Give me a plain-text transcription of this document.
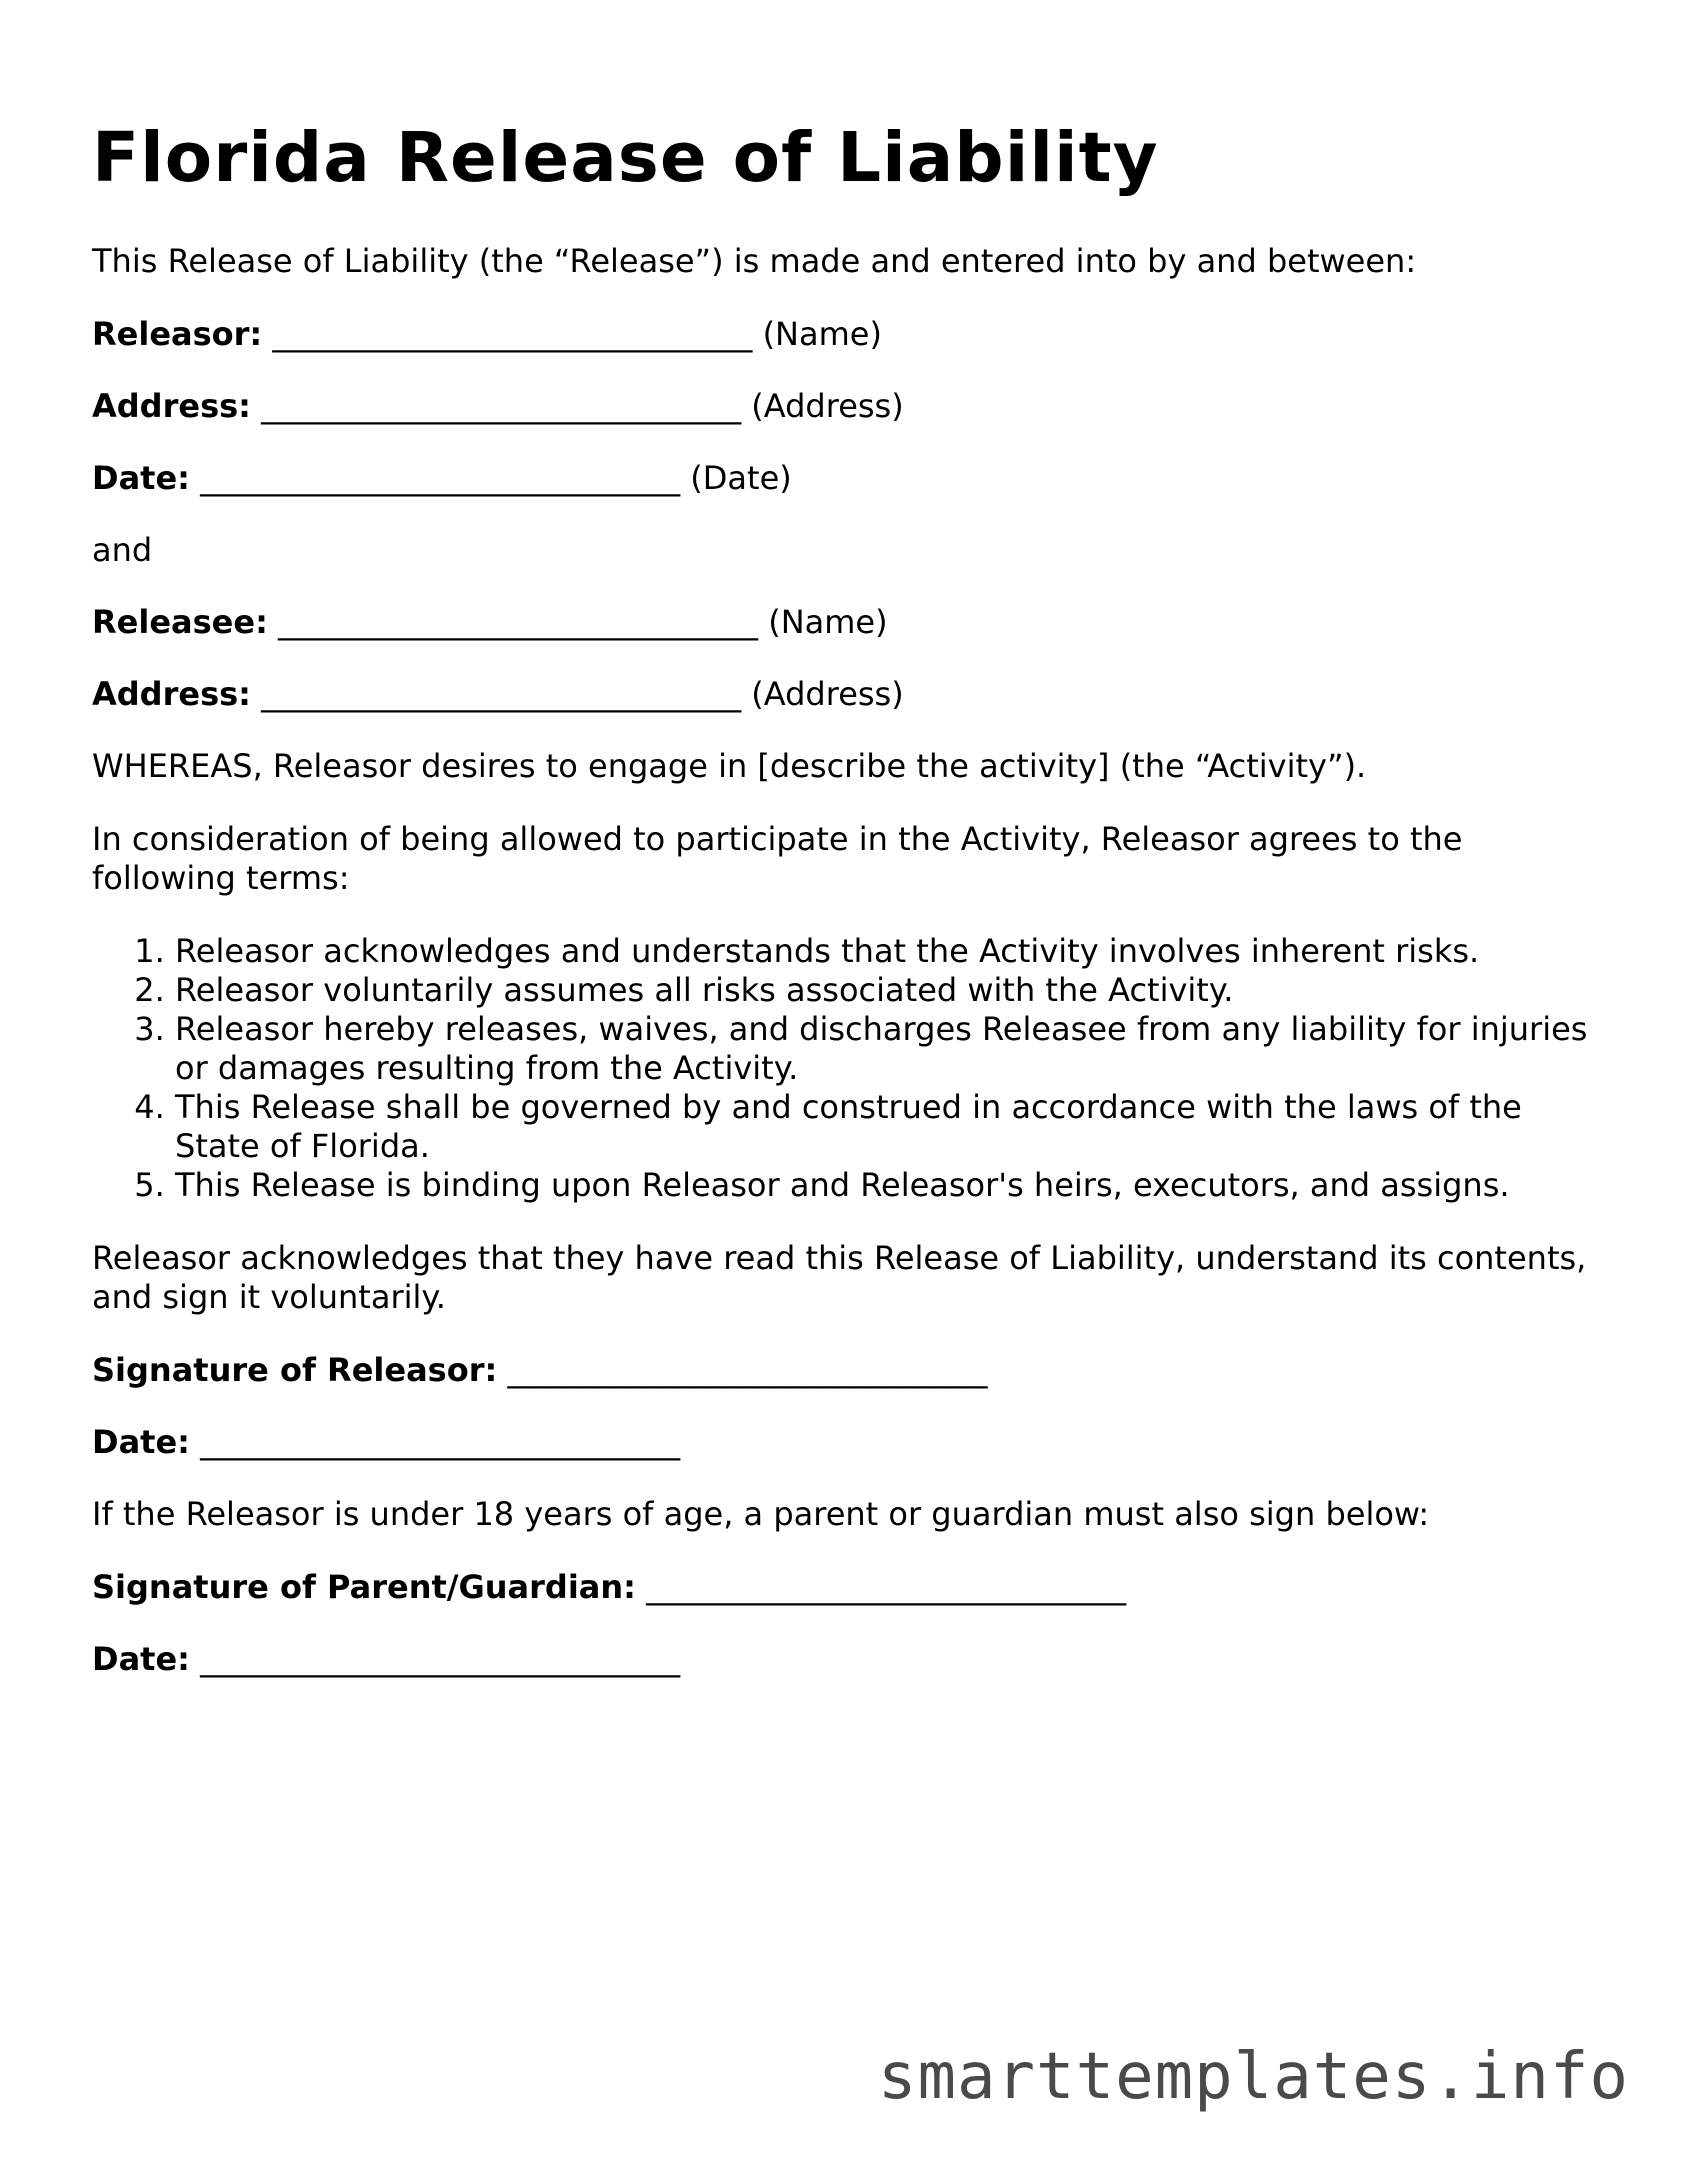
Florida Release of Liability

This Release of Liability (the “Release”) is made and entered into by and between:

Releasor: ______________________________ (Name)

Address: ______________________________ (Address)

Date: ______________________________ (Date)

and

Releasee: ______________________________ (Name)

Address: ______________________________ (Address)

WHEREAS, Releasor desires to engage in [describe the activity] (the “Activity”).

In consideration of being allowed to participate in the Activity, Releasor agrees to the following terms:

1. Releasor acknowledges and understands that the Activity involves inherent risks.
2. Releasor voluntarily assumes all risks associated with the Activity.
3. Releasor hereby releases, waives, and discharges Releasee from any liability for injuries or damages resulting from the Activity.
4. This Release shall be governed by and construed in accordance with the laws of the State of Florida.
5. This Release is binding upon Releasor and Releasor's heirs, executors, and assigns.

Releasor acknowledges that they have read this Release of Liability, understand its contents, and sign it voluntarily.

Signature of Releasor: ______________________________

Date: ______________________________

If the Releasor is under 18 years of age, a parent or guardian must also sign below:

Signature of Parent/Guardian: ______________________________

Date: ______________________________

smarttemplates.info
